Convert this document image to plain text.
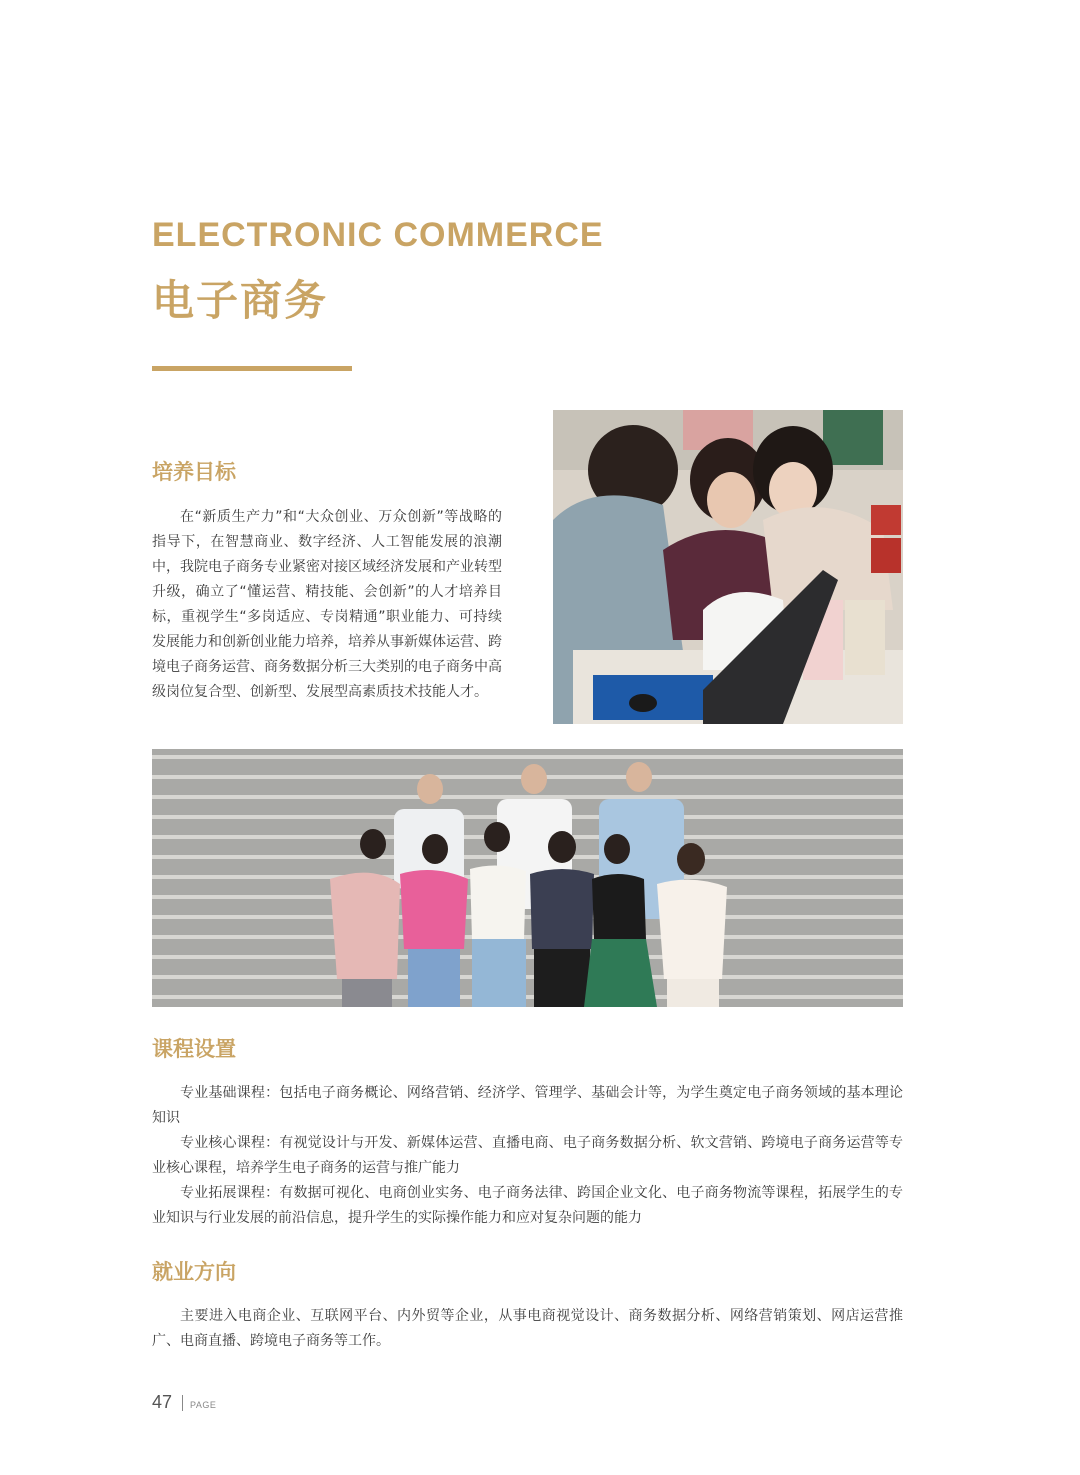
ELECTRONIC COMMERCE
电子商务
培养目标

在“新质生产力”和“大众创业、万众创新”等战略的指导下，在智慧商业、数字经济、人工智能发展的浪潮中，我院电子商务专业紧密对接区域经济发展和产业转型升级，确立了“懂运营、精技能、会创新”的人才培养目标，重视学生“多岗适应、专岗精通”职业能力、可持续发展能力和创新创业能力培养，培养从事新媒体运营、跨境电子商务运营、商务数据分析三大类别的电子商务中高级岗位复合型、创新型、发展型高素质技术技能人才。

课程设置

专业基础课程：包括电子商务概论、网络营销、经济学、管理学、基础会计等，为学生奠定电子商务领域的基本理论知识

专业核心课程：有视觉设计与开发、新媒体运营、直播电商、电子商务数据分析、软文营销、跨境电子商务运营等专业核心课程，培养学生电子商务的运营与推广能力

专业拓展课程：有数据可视化、电商创业实务、电子商务法律、跨国企业文化、电子商务物流等课程，拓展学生的专业知识与行业发展的前沿信息，提升学生的实际操作能力和应对复杂问题的能力

就业方向

主要进入电商企业、互联网平台、内外贸等企业，从事电商视觉设计、商务数据分析、网络营销策划、网店运营推广、电商直播、跨境电子商务等工作。

47 PAGE
